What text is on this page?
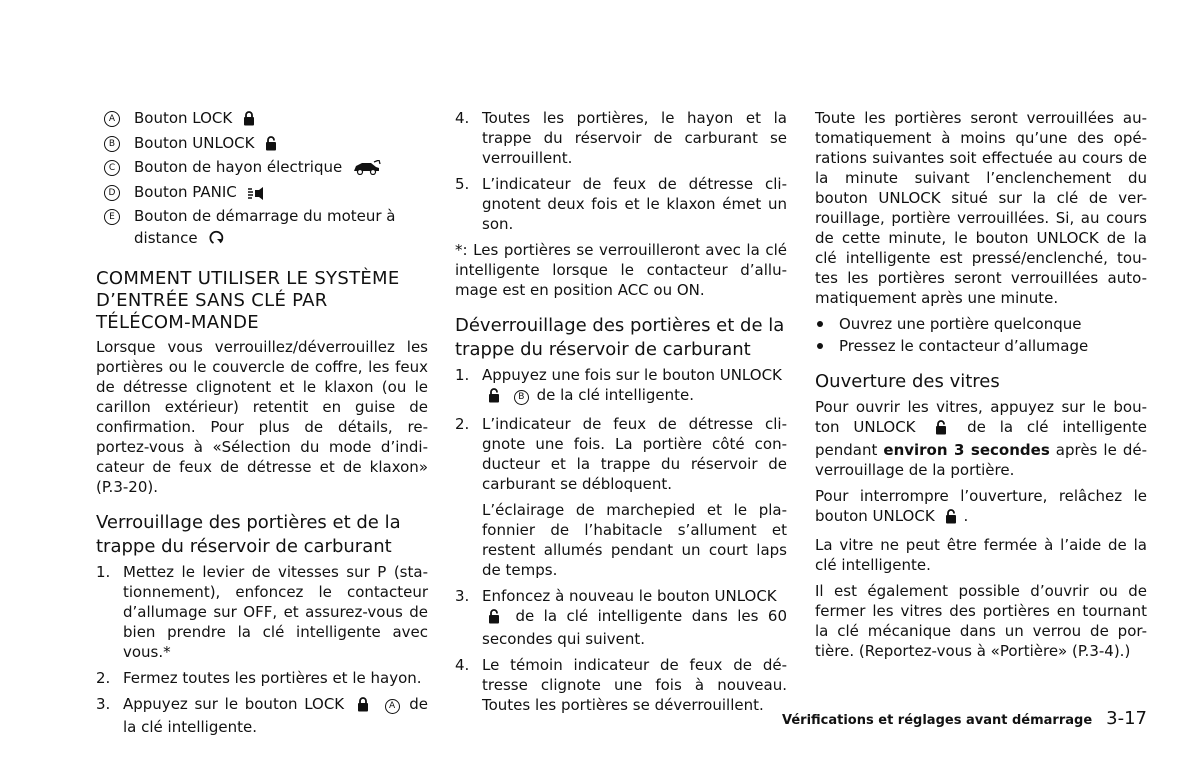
A	Bouton LOCK
B	Bouton UNLOCK
C	Bouton de hayon électrique
D	Bouton PANIC
E	Bouton de démarrage du moteur à distance
COMMENT UTILISER LE SYSTÈME D’ENTRÉE SANS CLÉ PAR TÉLÉCOM-MANDE

Lorsque vous verrouillez/déverrouillez les portières ou le couvercle de coffre, les feux de détresse clignotent et le klaxon (ou le carillon extérieur) retentit en guise de confirmation. Pour plus de détails, re-portez-vous à «Sélection du mode d’indi-cateur de feux de détresse et de klaxon» (P.3-20).

Verrouillage des portières et de la trappe du réservoir de carburant
1. Mettez le levier de vitesses sur P (sta-tionnement), enfoncez le contacteur d’allumage sur OFF, et assurez-vous de bien prendre la clé intelligente avec vous.*
2. Fermez toutes les portières et le hayon.
3. Appuyez sur le bouton LOCK	A de la clé intelligente.
4. Toutes les portières, le hayon et la trappe du réservoir de carburant se verrouillent.
5. L’indicateur de feux de détresse cli-gnotent deux fois et le klaxon émet un son.

*: Les portières se verrouilleront avec la clé intelligente lorsque le contacteur d’allu-mage est en position ACC ou ON.

Déverrouillage des portières et de la trappe du réservoir de carburant
1. Appuyez une fois sur le bouton UNLOCK
B de la clé intelligente.
2. L’indicateur de feux de détresse cli-gnote une fois. La portière côté con-ducteur et la trappe du réservoir de carburant se débloquent.

L’éclairage de marchepied et le pla-fonnier de l’habitacle s’allument et restent allumés pendant un court laps de temps.

3. Enfoncez à nouveau le bouton UNLOCK
de la clé intelligente dans les 60 secondes qui suivent.
4. Le témoin indicateur de feux de dé-tresse clignote une fois à nouveau. Toutes les portières se déverrouillent.

Toute les portières seront verrouillées au-tomatiquement à moins qu’une des opé-rations suivantes soit effectuée au cours de la minute suivant l’enclenchement du bouton UNLOCK situé sur la clé de ver-rouillage, portière verrouillées. Si, au cours de cette minute, le bouton UNLOCK de la clé intelligente est pressé/enclenché, tou-tes les portières seront verrouillées auto-matiquement après une minute.

Ouvrez une portière quelconque
Pressez le contacteur d’allumage
Ouverture des vitres

Pour ouvrir les vitres, appuyez sur le bou-ton UNLOCK	de la clé intelligente pendant environ 3 secondes après le dé-verrouillage de la portière.

Pour interrompre l’ouverture, relâchez le bouton UNLOCK .

La vitre ne peut être fermée à l’aide de la clé intelligente.

Il est également possible d’ouvrir ou de fermer les vitres des portières en tournant la clé mécanique dans un verrou de por-tière. (Reportez-vous à «Portière» (P.3-4).)

Vérifications et réglages avant démarrage 3-17
